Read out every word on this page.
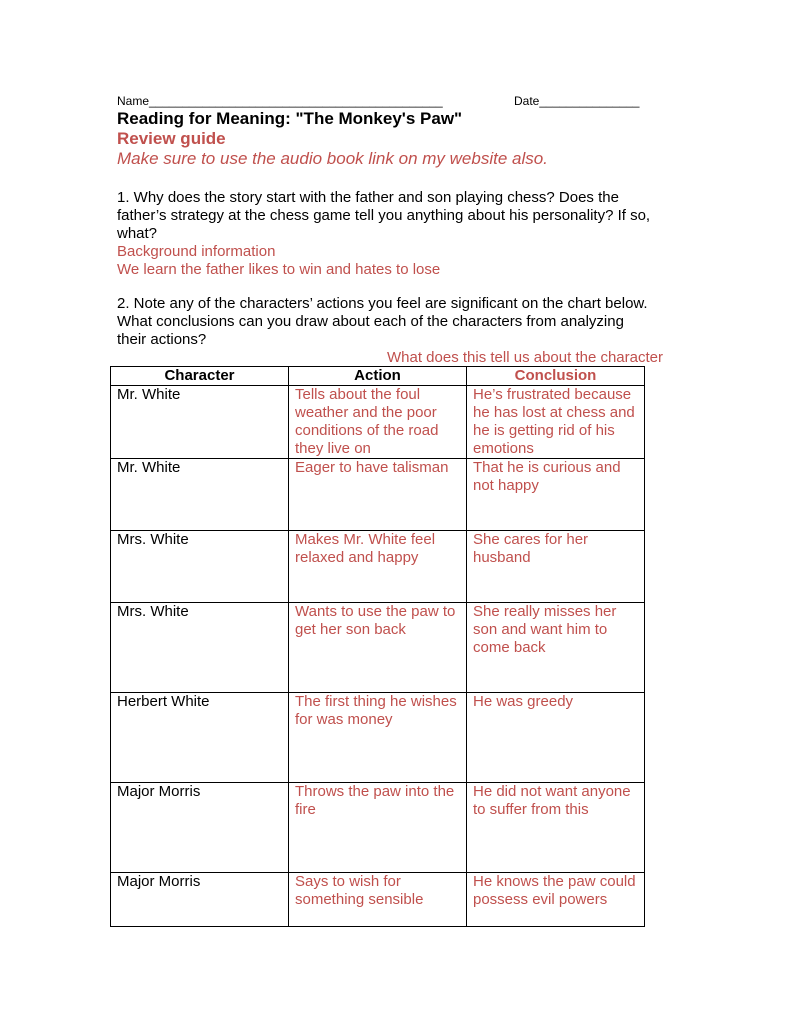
Name____________________________________________	Date_______________
Reading for Meaning: "The Monkey's Paw"
Review guide
Make sure to use the audio book link on my website also.
1. Why does the story start with the father and son playing chess? Does the
father’s strategy at the chess game tell you anything about his personality? If so,
what?
Background information
We learn the father likes to win and hates to lose
2. Note any of the characters’ actions you feel are significant on the chart below.
What conclusions can you draw about each of the characters from analyzing
their actions?
What does this tell us about the character
Character	Action	Conclusion
Mr. White	Tells about the foul weather and the poor conditions of the road they live on	He’s frustrated because he has lost at chess and he is getting rid of his emotions
Mr. White	Eager to have talisman	That he is curious and not happy
Mrs. White	Makes Mr. White feel relaxed and happy	She cares for her husband
Mrs. White	Wants to use the paw to get her son back	She really misses her son and want him to come back
Herbert White	The first thing he wishes for was money	He was greedy
Major Morris	Throws the paw into the fire	He did not want anyone to suffer from this
Major Morris	Says to wish for something sensible	He knows the paw could possess evil powers
